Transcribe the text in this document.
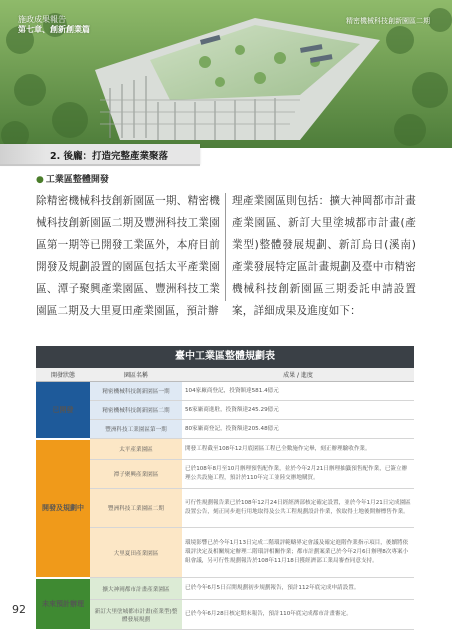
施政成果報告
第七章、創新創業篇
精密機械科技創新園區二期
2. 後龐：打造完整產業聚落
● 工業區整體開發
除精密機械科技創新園區一期、精密機械科技創新園區二期及豐洲科技工業園區第一期等已開發工業區外，本府目前開發及規劃設置的園區包括太平產業園區、潭子聚興產業園區、豐洲科技工業園區二期及大里夏田產業園區，預計辦
理產業園區則包括：擴大神岡都市計畫產業園區、新訂大里塗城都市計畫(產業型)整體發展規劃、新訂烏日(溪南)產業發展特定區計畫規劃及臺中市精密機械科技創新園區三期委託申請設置案，詳細成果及進度如下：
臺中工業區整體規劃表
開發狀態	園區名稱	成果 / 進度
已開發	精密機械科技創新園區一期	104家廠商登記，投資額達581.4億元
	精密機械科技創新園區二期	56家廠商進駐，投資額達245.29億元
	豐洲科技工業園區第一期	80家廠商登記，投資額達205.48億元
開發及規劃中	太平產業園區	開發工程截至108年12月底園區工程已全數施作完畢，刻正辦理驗收作業。
	潭子聚興產業園區	已於108年8月至10月辦理預售配作業，並於今年2月21日辦理抽籤預售配作業，已簽立辦理公共設施工程，預計於110年完工並陸交辦地購買。
	豐洲科技工業園區二期	可行性規劃報告業已於108年12月24日經經濟部核定確定設置，並於今年1月21日完成園區設置公告，刻正同步進行用地取得及公共工程規劃設計作業，俟取得土地後開辦標售作業。
	大里夏田產業園區	環境影響已於今年1月13日完成二階環評範疇界定會議及確定進階作業指示項目，後續將依環評決定及相關規定辦理二階環評相關作業；都市計劃案業已於今年2月6日辦理8次專案小組會議，另可行性規劃報告於108年11月18日獲經濟部工業局審查同意支持。
未來預計辦理	擴大神岡都市計畫產業園區	已於今年6月5日召開規劃初步規劃報告，預計112年底完成申請設置。
	新訂大里塗城都市計畫(產業型)整體發展規劃	已於今年6月28日核定期末報告，預計110年底完成都市計畫審定。
92
